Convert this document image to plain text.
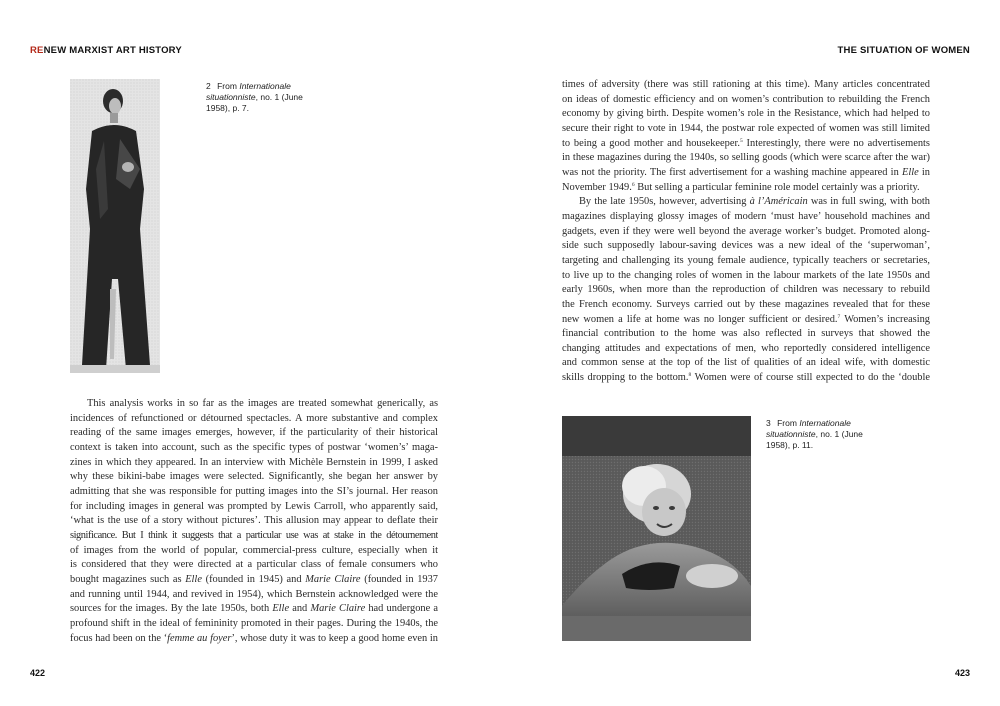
RENEW MARXIST ART HISTORY
2 From Internationale situationniste, no. 1 (June 1958), p. 7.

This analysis works in so far as the images are treated somewhat generically, as
incidences of refunctioned or détourned spectacles. A more substantive and complex
reading of the same images emerges, however, if the particularity of their historical
context is taken into account, such as the specific types of postwar ‘women’s’ maga-
zines in which they appeared. In an interview with Michèle Bernstein in 1999, I asked
why these bikini-babe images were selected. Significantly, she began her answer by
admitting that she was responsible for putting images into the SI’s journal. Her reason
for including images in general was prompted by Lewis Carroll, who apparently said,
‘what is the use of a story without pictures’. This allusion may appear to deflate their
significance. But I think it suggests that a particular use was at stake in the détournement
of images from the world of popular, commercial-press culture, especially when it
is considered that they were directed at a particular class of female consumers who
bought magazines such as Elle (founded in 1945) and Marie Claire (founded in 1937
and running until 1944, and revived in 1954), which Bernstein acknowledged were the
sources for the images. By the late 1950s, both Elle and Marie Claire had undergone a
profound shift in the ideal of femininity promoted in their pages. During the 1940s, the
focus had been on the ‘femme au foyer’, whose duty it was to keep a good home even in

422
THE SITUATION OF WOMEN

times of adversity (there was still rationing at this time). Many articles concentrated
on ideas of domestic efficiency and on women’s contribution to rebuilding the French
economy by giving birth. Despite women’s role in the Resistance, which had helped to
secure their right to vote in 1944, the postwar role expected of women was still limited
to being a good mother and housekeeper.$^5$ Interestingly, there were no advertisements
in these magazines during the 1940s, so selling goods (which were scarce after the war)
was not the priority. The first advertisement for a washing machine appeared in Elle in
November 1949.$^6$ But selling a particular feminine role model certainly was a priority.
By the late 1950s, however, advertising à l’Américain was in full swing, with both
magazines displaying glossy images of modern ‘must have’ household machines and
gadgets, even if they were well beyond the average worker’s budget. Promoted along-
side such supposedly labour-saving devices was a new ideal of the ‘superwoman’,
targeting and challenging its young female audience, typically teachers or secretaries,
to live up to the changing roles of women in the labour markets of the late 1950s and
early 1960s, when more than the reproduction of children was necessary to rebuild
the French economy. Surveys carried out by these magazines revealed that for these
new women a life at home was no longer sufficient or desired.$^7$ Women’s increasing
financial contribution to the home was also reflected in surveys that showed the
changing attitudes and expectations of men, who reportedly considered intelligence
and common sense at the top of the list of qualities of an ideal wife, with domestic
skills dropping to the bottom.$^8$ Women were of course still expected to do the ‘double

3 From Internationale situationniste, no. 1 (June 1958), p. 11.
423
